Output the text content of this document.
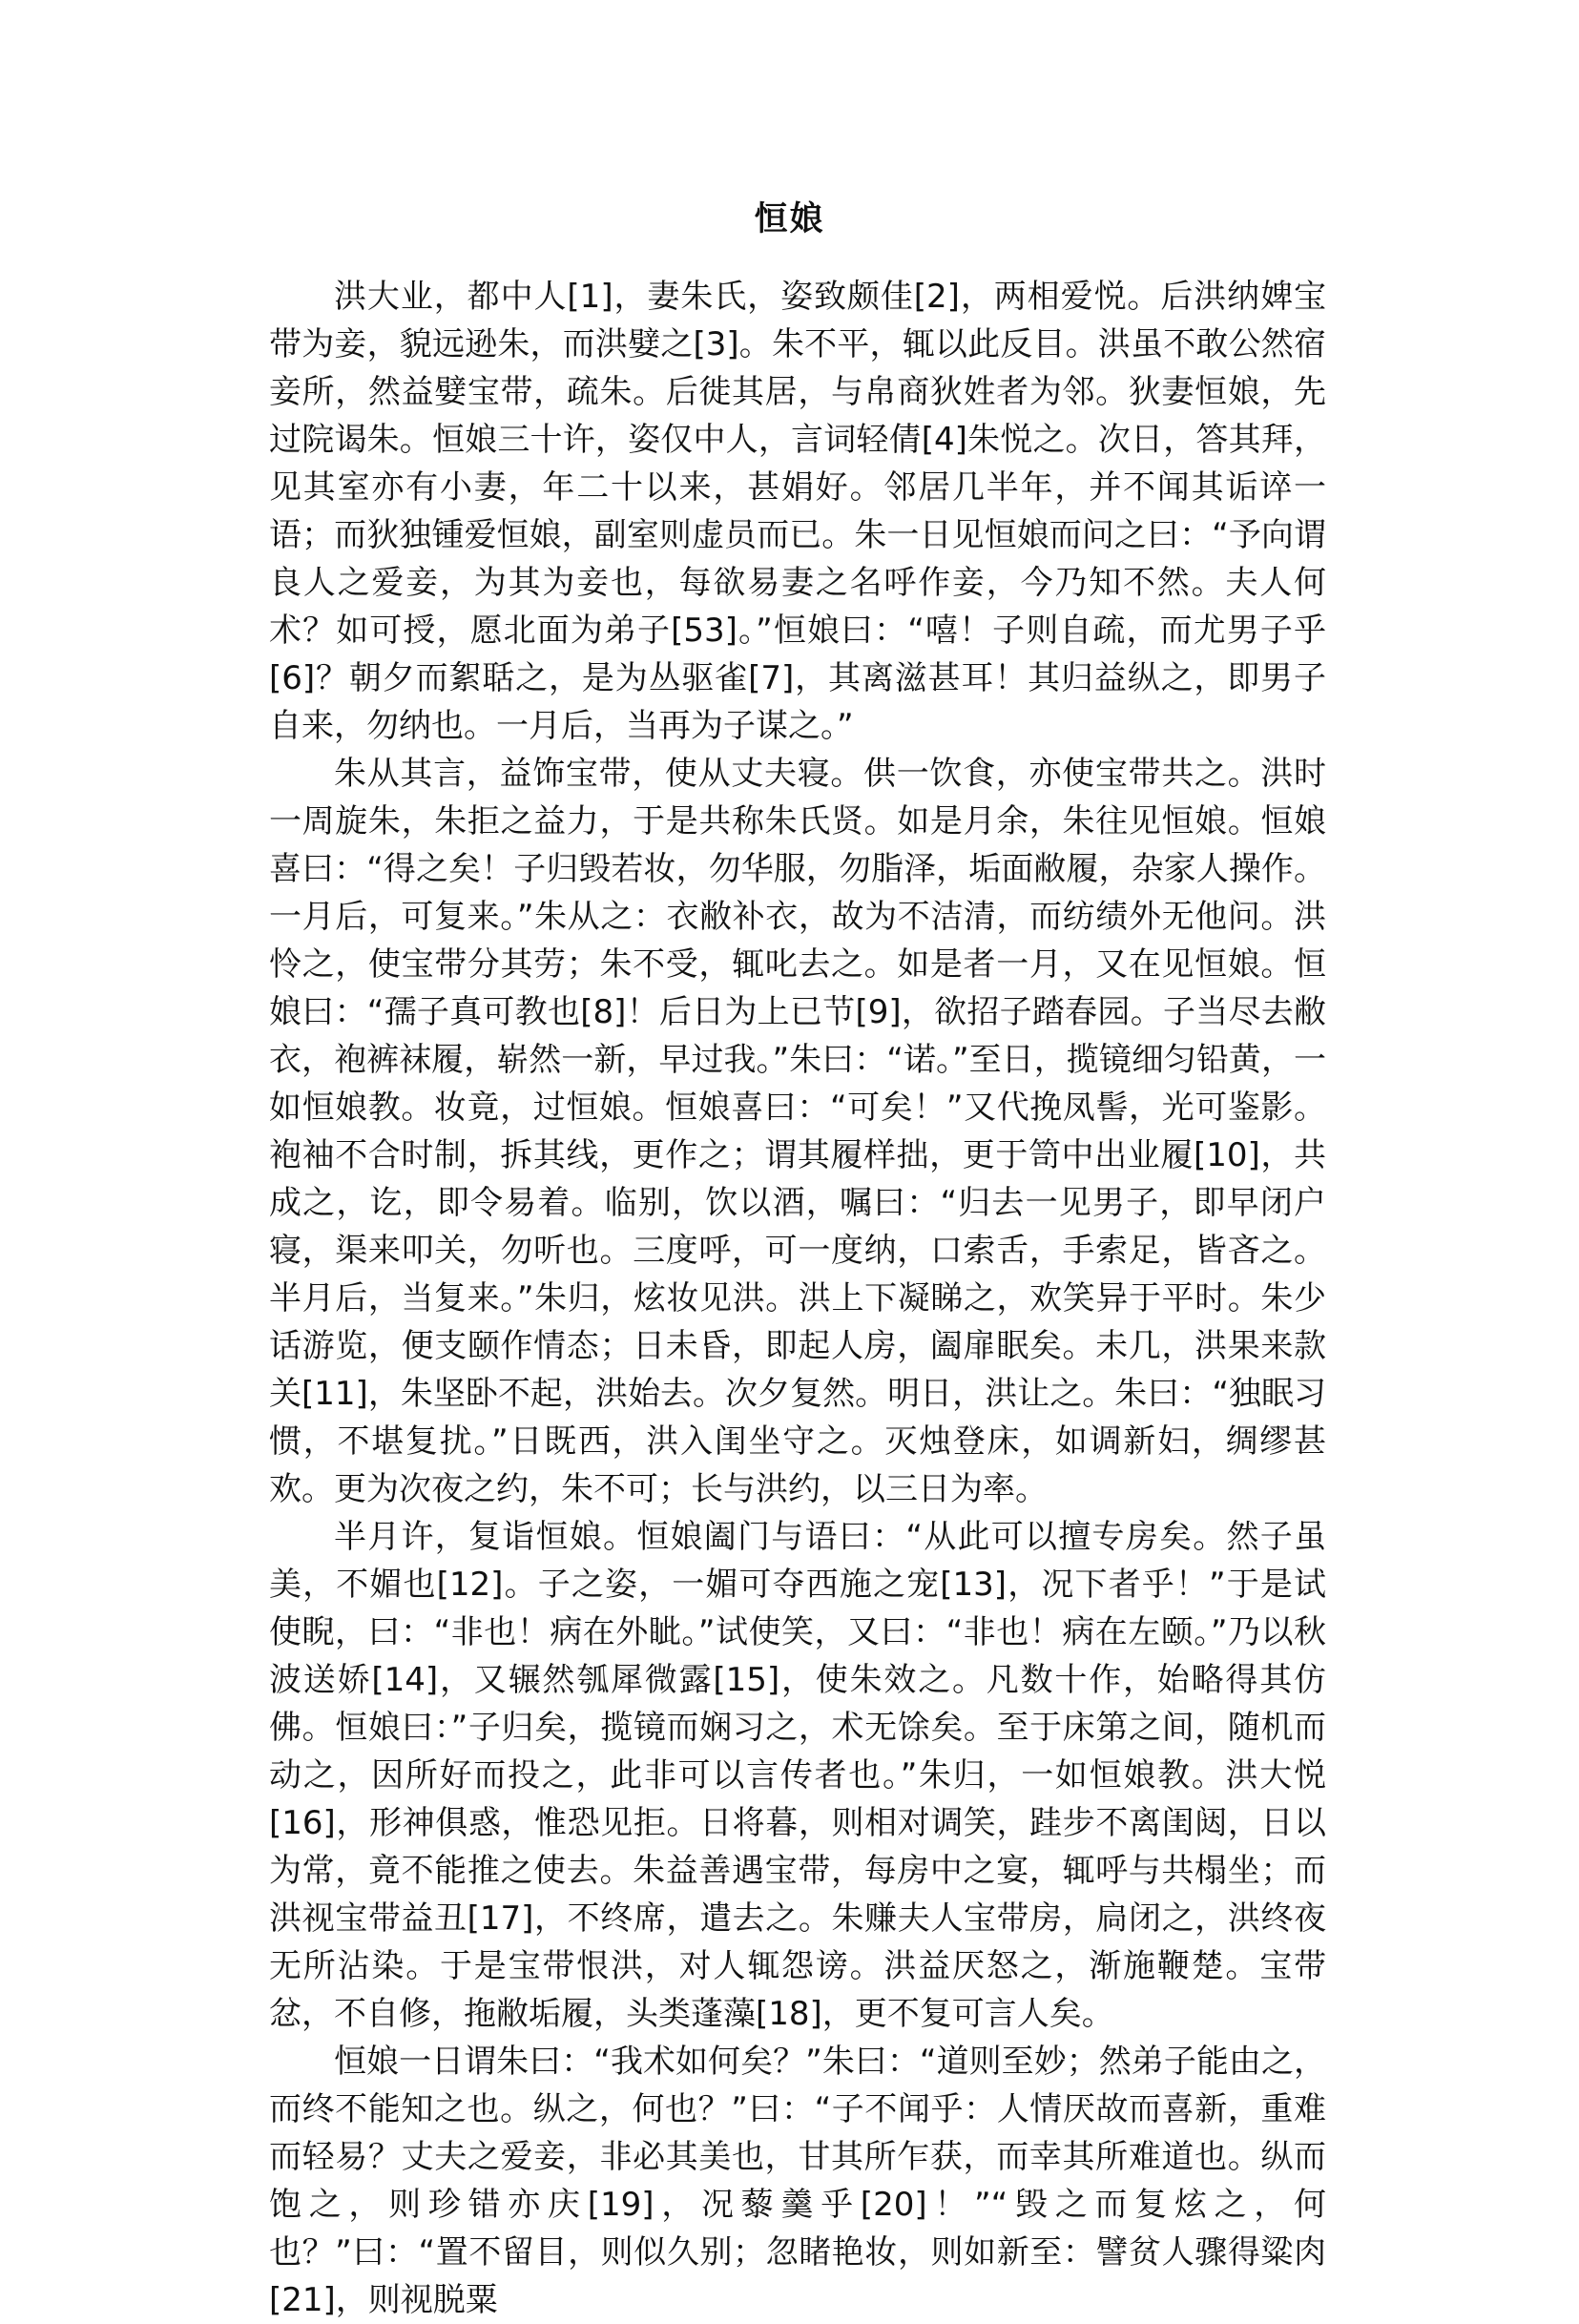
恒娘

洪大业，都中人[1]，妻朱氏，姿致颇佳[2]，两相爱悦。后洪纳婢宝带为妾，貌远逊朱，而洪嬖之[3]。朱不平，辄以此反目。洪虽不敢公然宿妾所，然益嬖宝带，疏朱。后徙其居，与帛商狄姓者为邻。狄妻恒娘，先过院谒朱。恒娘三十许，姿仅中人，言词轻倩[4]朱悦之。次日，答其拜，见其室亦有小妻，年二十以来，甚娟好。邻居几半年，并不闻其诟谇一语；而狄独锺爱恒娘，副室则虚员而已。朱一日见恒娘而问之曰：“予向谓良人之爱妾，为其为妾也，每欲易妻之名呼作妾，今乃知不然。夫人何术？如可授，愿北面为弟子[53]。”恒娘曰：“嘻！子则自疏，而尤男子乎[6]？朝夕而絮聒之，是为丛驱雀[7]，其离滋甚耳！其归益纵之，即男子自来，勿纳也。一月后，当再为子谋之。”

朱从其言，益饰宝带，使从丈夫寝。供一饮食，亦使宝带共之。洪时一周旋朱，朱拒之益力，于是共称朱氏贤。如是月余，朱往见恒娘。恒娘喜曰：“得之矣！子归毁若妆，勿华服，勿脂泽，垢面敝履，杂家人操作。一月后，可复来。”朱从之：衣敝补衣，故为不洁清，而纺绩外无他问。洪怜之，使宝带分其劳；朱不受，辄叱去之。如是者一月，又在见恒娘。恒娘曰：“孺子真可教也[8]！后日为上已节[9]，欲招子踏春园。子当尽去敝衣，袍裤袜履，崭然一新，早过我。”朱曰：“诺。”至日，揽镜细匀铅黄，一如恒娘教。妆竟，过恒娘。恒娘喜曰：“可矣！”又代挽凤髻，光可鉴影。袍袖不合时制，拆其线，更作之；谓其履样拙，更于笥中出业履[10]，共成之，讫，即令易着。临别，饮以酒，嘱曰：“归去一见男子，即早闭户寝，渠来叩关，勿听也。三度呼，可一度纳，口索舌，手索足，皆吝之。半月后，当复来。”朱归，炫妆见洪。洪上下凝睇之，欢笑异于平时。朱少话游览，便支颐作情态；日未昏，即起人房，阖扉眠矣。未几，洪果来款关[11]，朱坚卧不起，洪始去。次夕复然。明日，洪让之。朱曰：“独眠习惯，不堪复扰。”日既西，洪入闺坐守之。灭烛登床，如调新妇，绸缪甚欢。更为次夜之约，朱不可；长与洪约，以三日为率。

半月许，复诣恒娘。恒娘阖门与语曰：“从此可以擅专房矣。然子虽美，不媚也[12]。子之姿，一媚可夺西施之宠[13]，况下者乎！”于是试使睨，曰：“非也！病在外眦。”试使笑，又曰：“非也！病在左颐。”乃以秋波送娇[14]，又辗然瓠犀微露[15]，使朱效之。凡数十作，始略得其仿佛。恒娘曰：”子归矣，揽镜而娴习之，术无馀矣。至于床第之间，随机而动之，因所好而投之，此非可以言传者也。”朱归，一如恒娘教。洪大悦[16]，形神俱惑，惟恐见拒。日将暮，则相对调笑，跬步不离闺闼，日以为常，竟不能推之使去。朱益善遇宝带，每房中之宴，辄呼与共榻坐；而洪视宝带益丑[17]，不终席，遣去之。朱赚夫人宝带房，扃闭之，洪终夜无所沾染。于是宝带恨洪，对人辄怨谤。洪益厌怒之，渐施鞭楚。宝带忿，不自修，拖敝垢履，头类蓬藻[18]，更不复可言人矣。

恒娘一日谓朱曰：“我术如何矣？”朱曰：“道则至妙；然弟子能由之，而终不能知之也。纵之，何也？”曰：“子不闻乎：人情厌故而喜新，重难而轻易？丈夫之爱妾，非必其美也，甘其所乍获，而幸其所难道也。纵而饱之，则珍错亦庆[19]，况藜羹乎[20]！”“毁之而复炫之，何也？”曰：“置不留目，则似久别；忽睹艳妆，则如新至：譬贫人骤得粱肉[21]，则视脱粟
